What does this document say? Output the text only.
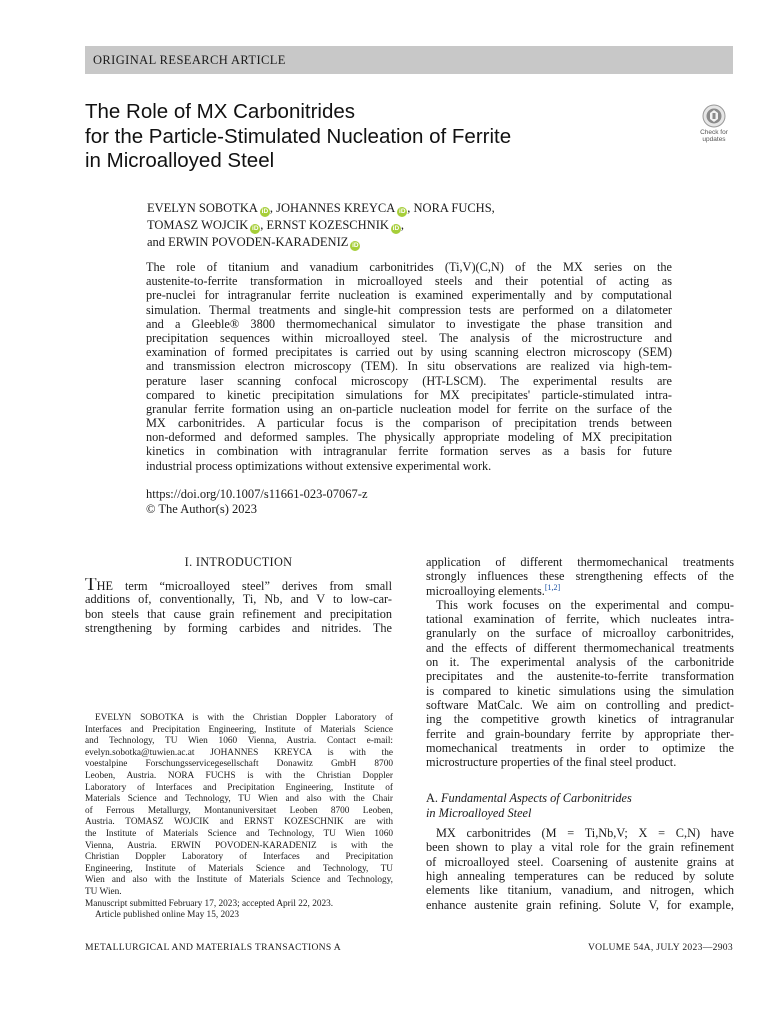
ORIGINAL RESEARCH ARTICLE
The Role of MX Carbonitrides
for the Particle-Stimulated Nucleation of Ferrite
in Microalloyed Steel
Check for
updates
EVELYN SOBOTKA iD , JOHANNES KREYCA iD , NORA FUCHS,
TOMASZ WOJCIK iD , ERNST KOZESCHNIK iD ,
and ERWIN POVODEN-KARADENIZ iD
The role of titanium and vanadium carbonitrides (Ti,V)(C,N) of the MX series on the
austenite-to-ferrite transformation in microalloyed steels and their potential of acting as
pre-nuclei for intragranular ferrite nucleation is examined experimentally and by computational
simulation. Thermal treatments and single-hit compression tests are performed on a dilatometer
and a Gleeble® 3800 thermomechanical simulator to investigate the phase transition and
precipitation sequences within microalloyed steel. The analysis of the microstructure and
examination of formed precipitates is carried out by using scanning electron microscopy (SEM)
and transmission electron microscopy (TEM). In situ observations are realized via high-tem-
perature laser scanning confocal microscopy (HT-LSCM). The experimental results are
compared to kinetic precipitation simulations for MX precipitates' particle-stimulated intra-
granular ferrite formation using an on-particle nucleation model for ferrite on the surface of the
MX carbonitrides. A particular focus is the comparison of precipitation trends between
non-deformed and deformed samples. The physically appropriate modeling of MX precipitation
kinetics in combination with intragranular ferrite formation serves as a basis for future
industrial process optimizations without extensive experimental work.
https://doi.org/10.1007/s11661-023-07067-z
© The Author(s) 2023
I. INTRODUCTION
THE term “microalloyed steel” derives from small
additions of, conventionally, Ti, Nb, and V to low-car-
bon steels that cause grain refinement and precipitation
strengthening by forming carbides and nitrides. The
EVELYN SOBOTKA is with the Christian Doppler Laboratory of
Interfaces and Precipitation Engineering, Institute of Materials Science
and Technology, TU Wien 1060 Vienna, Austria. Contact e-mail:
evelyn.sobotka@tuwien.ac.at JOHANNES KREYCA is with the
voestalpine Forschungsservicegesellschaft Donawitz GmbH 8700
Leoben, Austria. NORA FUCHS is with the Christian Doppler
Laboratory of Interfaces and Precipitation Engineering, Institute of
Materials Science and Technology, TU Wien and also with the Chair
of Ferrous Metallurgy, Montanuniversitaet Leoben 8700 Leoben,
Austria. TOMASZ WOJCIK and ERNST KOZESCHNIK are with
the Institute of Materials Science and Technology, TU Wien 1060
Vienna, Austria. ERWIN POVODEN-KARADENIZ is with the
Christian Doppler Laboratory of Interfaces and Precipitation
Engineering, Institute of Materials Science and Technology, TU
Wien and also with the Institute of Materials Science and Technology,
TU Wien.
Manuscript submitted February 17, 2023; accepted April 22, 2023.
Article published online May 15, 2023
application of different thermomechanical treatments
strongly influences these strengthening effects of the
microalloying elements.[1,2]
This work focuses on the experimental and compu-
tational examination of ferrite, which nucleates intra-
granularly on the surface of microalloy carbonitrides,
and the effects of different thermomechanical treatments
on it. The experimental analysis of the carbonitride
precipitates and the austenite-to-ferrite transformation
is compared to kinetic simulations using the simulation
software MatCalc. We aim on controlling and predict-
ing the competitive growth kinetics of intragranular
ferrite and grain-boundary ferrite by appropriate ther-
momechanical treatments in order to optimize the
microstructure properties of the final steel product.
A. Fundamental Aspects of Carbonitrides
in Microalloyed Steel
MX carbonitrides (M = Ti,Nb,V; X = C,N) have
been shown to play a vital role for the grain refinement
of microalloyed steel. Coarsening of austenite grains at
high annealing temperatures can be reduced by solute
elements like titanium, vanadium, and nitrogen, which
enhance austenite grain refining. Solute V, for example,
METALLURGICAL AND MATERIALS TRANSACTIONS A	VOLUME 54A, JULY 2023—2903
